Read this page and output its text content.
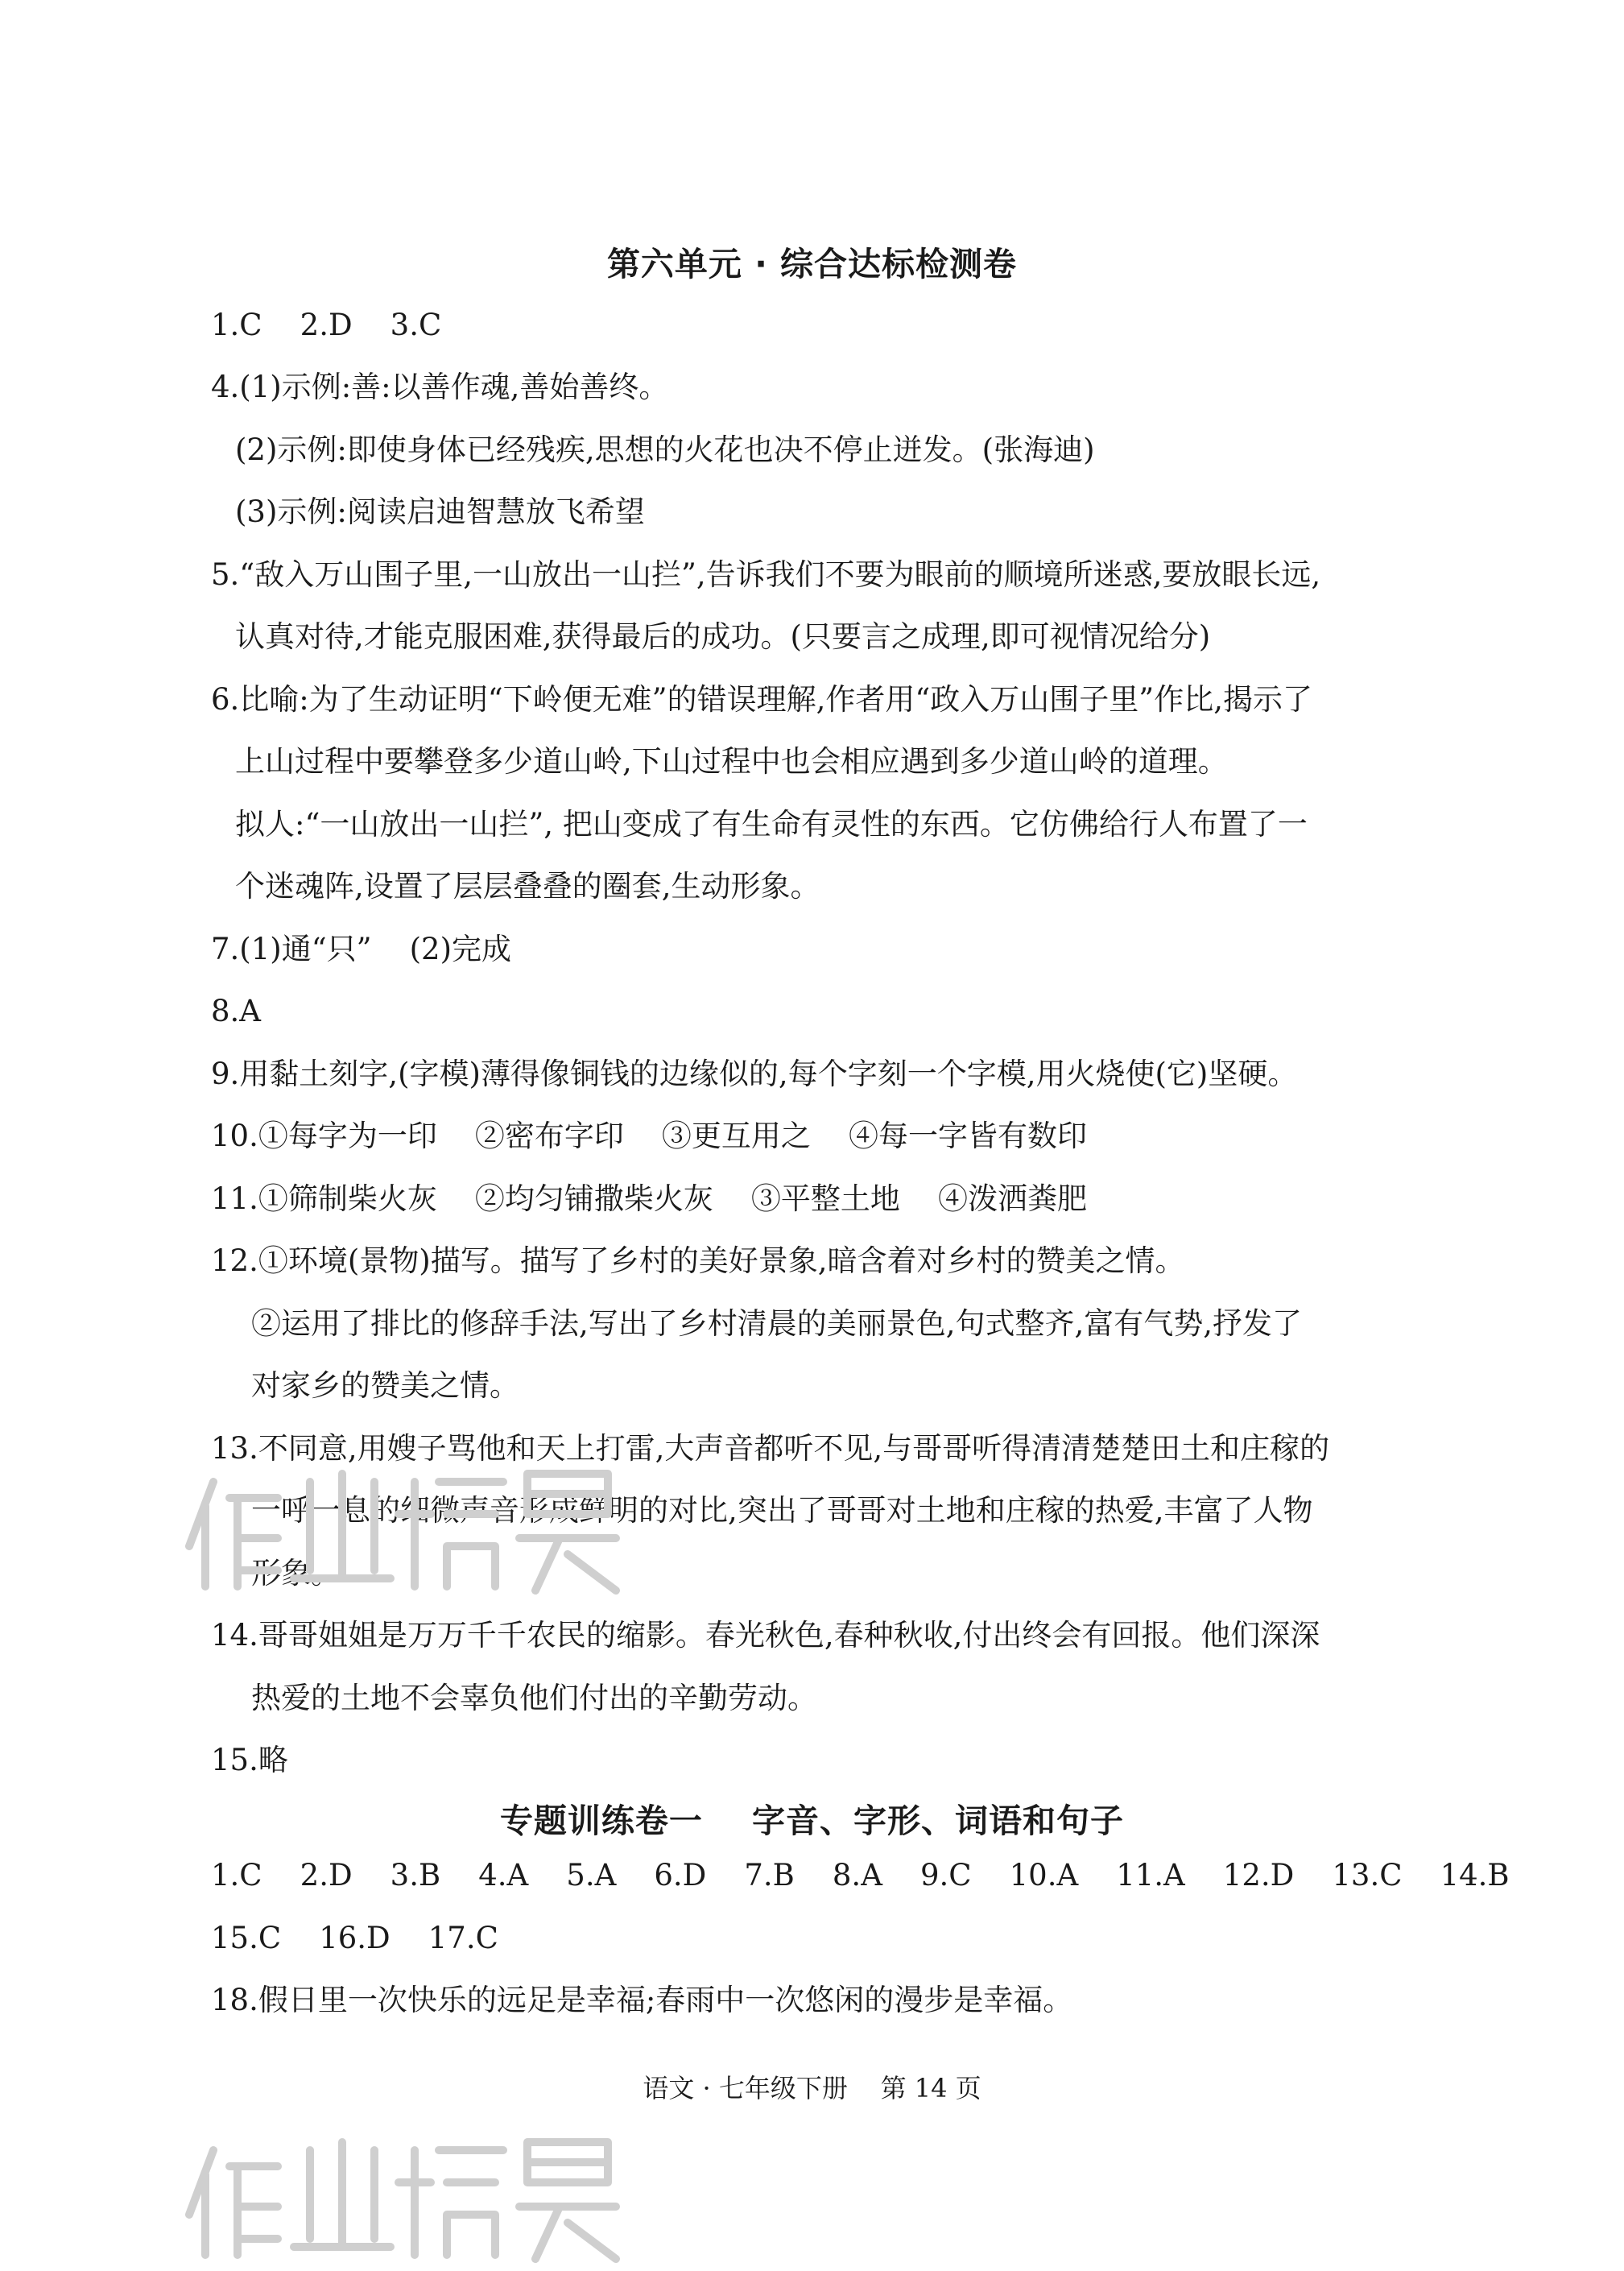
第六单元 · 综合达标检测卷
1.C    2.D    3.C
4.(1)示例:善:以善作魂,善始善终。
(2)示例:即使身体已经残疾,思想的火花也决不停止迸发。(张海迪)
(3)示例:阅读启迪智慧放飞希望
5.“敌入万山围子里,一山放出一山拦”,告诉我们不要为眼前的顺境所迷惑,要放眼长远,
认真对待,才能克服困难,获得最后的成功。(只要言之成理,即可视情况给分)
6.比喻:为了生动证明“下岭便无难”的错误理解,作者用“政入万山围子里”作比,揭示了
上山过程中要攀登多少道山岭,下山过程中也会相应遇到多少道山岭的道理。
拟人:“一山放出一山拦”, 把山变成了有生命有灵性的东西。它仿佛给行人布置了一
个迷魂阵,设置了层层叠叠的圈套,生动形象。
7.(1)通“只”    (2)完成
8.A
9.用黏土刻字,(字模)薄得像铜钱的边缘似的,每个字刻一个字模,用火烧使(它)坚硬。
10.①每字为一印    ②密布字印    ③更互用之    ④每一字皆有数印
11.①筛制柴火灰    ②均匀铺撒柴火灰    ③平整土地    ④泼洒粪肥
12.①环境(景物)描写。描写了乡村的美好景象,暗含着对乡村的赞美之情。
②运用了排比的修辞手法,写出了乡村清晨的美丽景色,句式整齐,富有气势,抒发了
对家乡的赞美之情。
13.不同意,用嫂子骂他和天上打雷,大声音都听不见,与哥哥听得清清楚楚田土和庄稼的
一呼一息的细微声音形成鲜明的对比,突出了哥哥对土地和庄稼的热爱,丰富了人物
形象。
14.哥哥姐姐是万万千千农民的缩影。春光秋色,春种秋收,付出终会有回报。他们深深
热爱的土地不会辜负他们付出的辛勤劳动。
15.略
专题训练卷一    字音、字形、词语和句子
1.C    2.D    3.B    4.A    5.A    6.D    7.B    8.A    9.C    10.A    11.A    12.D    13.C    14.B
15.C    16.D    17.C
18.假日里一次快乐的远足是幸福;春雨中一次悠闲的漫步是幸福。
语文 · 七年级下册    第 14 页
